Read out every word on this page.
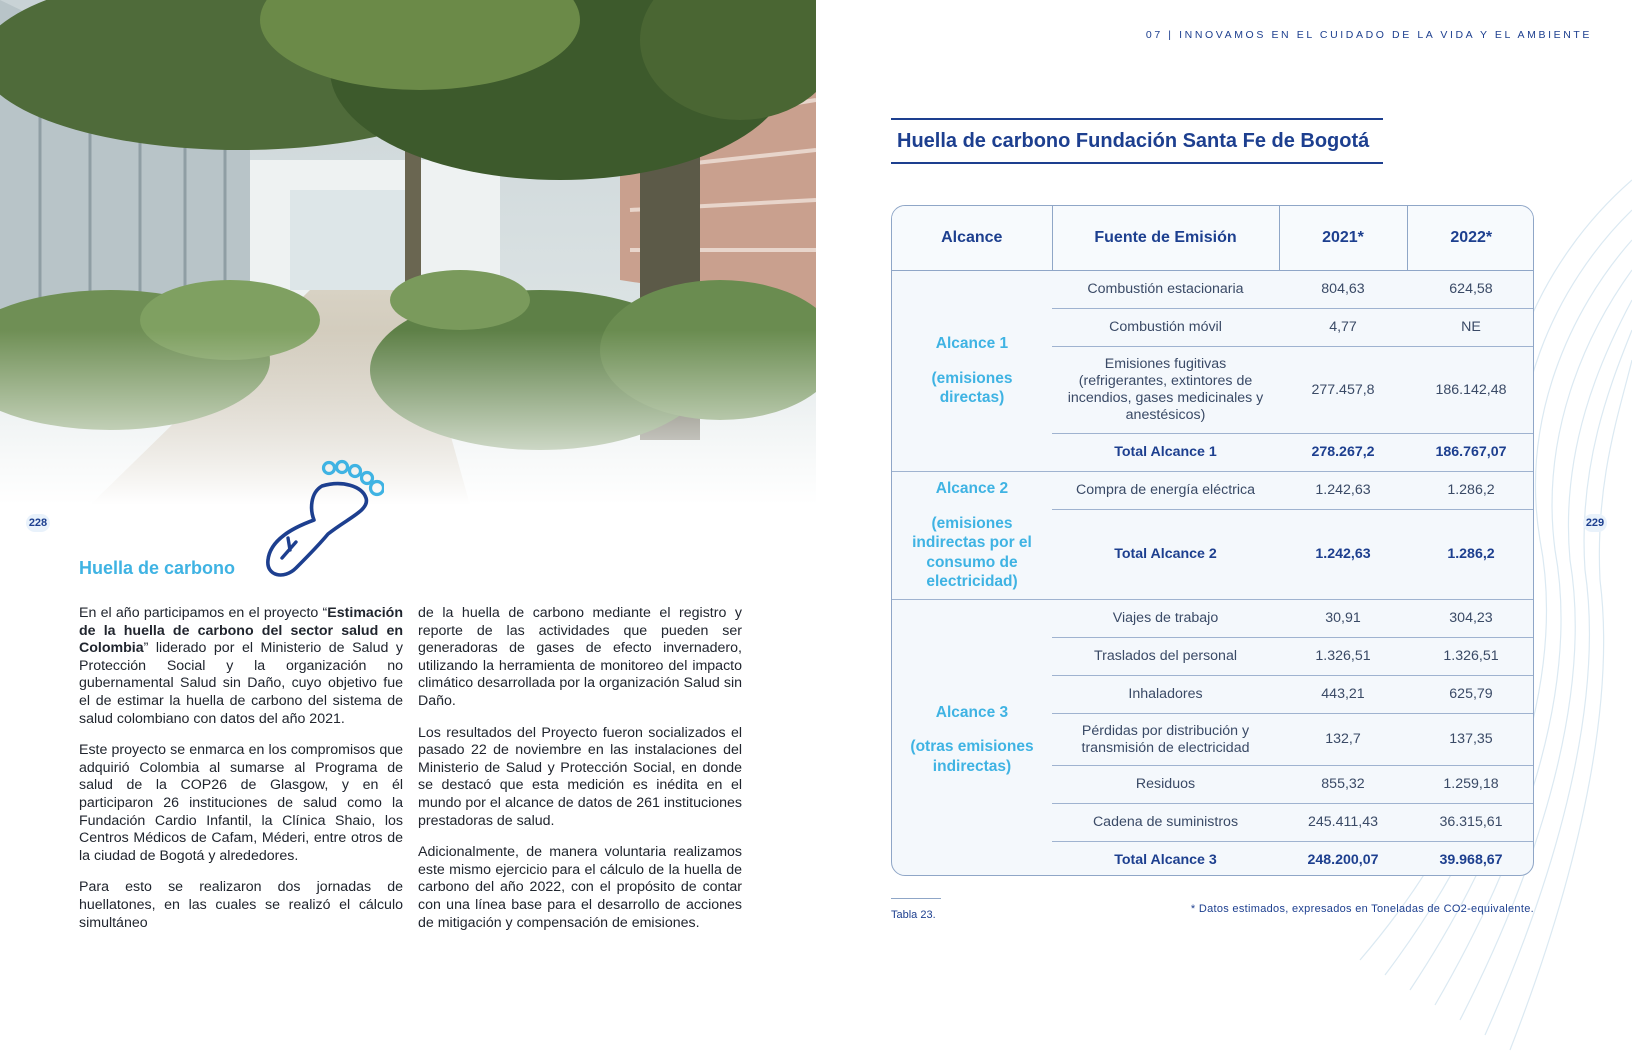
228
Huella de carbono

En el año participamos en el proyecto “Estimación de la huella de carbono del sector salud en Colombia” liderado por el Ministerio de Salud y Protección Social y la organización no gubernamental Salud sin Daño, cuyo objetivo fue el de estimar la huella de carbono del sistema de salud colombiano con datos del año 2021.

Este proyecto se enmarca en los compromisos que adquirió Colombia al sumarse al Programa de salud de la COP26 de Glasgow, y en él participaron 26 instituciones de salud como la Fundación Cardio Infantil, la Clínica Shaio, los Centros Médicos de Cafam, Méderi, entre otros de la ciudad de Bogotá y alrededores.

Para esto se realizaron dos jornadas de huellatones, en las cuales se realizó el cálculo simultáneo

de la huella de carbono mediante el registro y reporte de las actividades que pueden ser generadoras de gases de efecto invernadero, utilizando la herramienta de monitoreo del impacto climático desarrollada por la organización Salud sin Daño.

Los resultados del Proyecto fueron socializados el pasado 22 de noviembre en las instalaciones del Ministerio de Salud y Protección Social, en donde se destacó que esta medición es inédita en el mundo por el alcance de datos de 261 instituciones prestadoras de salud.

Adicionalmente, de manera voluntaria realizamos este mismo ejercicio para el cálculo de la huella de carbono del año 2022, con el propósito de contar con una línea base para el desarrollo de acciones de mitigación y compensación de emisiones.

07 | INNOVAMOS EN EL CUIDADO DE LA VIDA Y EL AMBIENTE
Huella de carbono Fundación Santa Fe de Bogotá
Alcance	Fuente de Emisión	2021*	2022*
Alcance 1
(emisiones directas)	Combustión estacionaria	804,63	624,58
	Combustión móvil	4,77	NE
	Emisiones fugitivas (refrigerantes, extintores de incendios, gases medicinales y anestésicos)	277.457,8	186.142,48
	Total Alcance 1	278.267,2	186.767,07
Alcance 2
(emisiones indirectas por el consumo de electricidad)	Compra de energía eléctrica	1.242,63	1.286,2
	Total Alcance 2	1.242,63	1.286,2
Alcance 3
(otras emisiones indirectas)	Viajes de trabajo	30,91	304,23
	Traslados del personal	1.326,51	1.326,51
	Inhaladores	443,21	625,79
	Pérdidas por distribución y transmisión de electricidad	132,7	137,35
	Residuos	855,32	1.259,18
	Cadena de suministros	245.411,43	36.315,61
	Total Alcance 3	248.200,07	39.968,67
Tabla 23.	* Datos estimados, expresados en Toneladas de CO2-equivalente.
229
